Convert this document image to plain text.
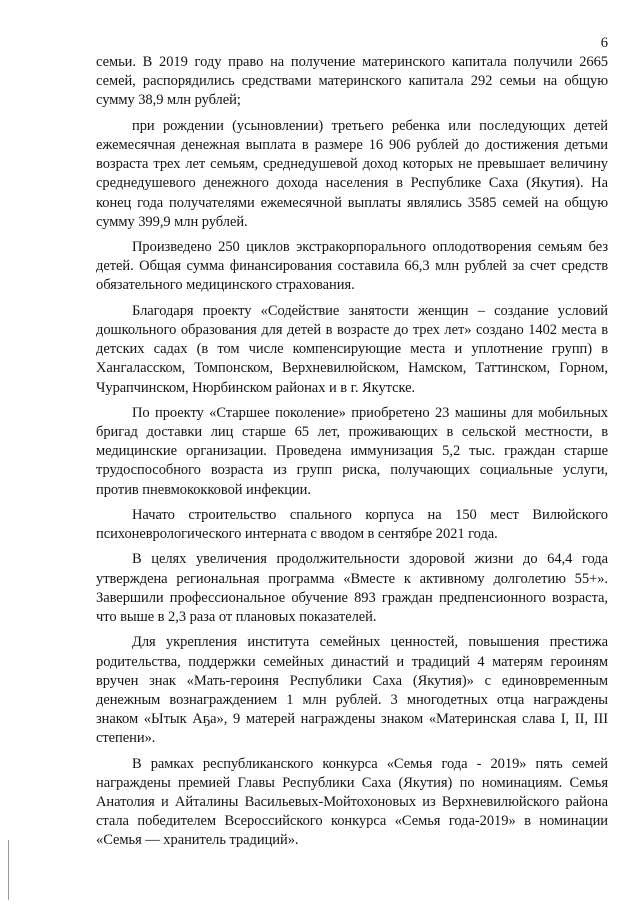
6

семьи. В 2019 году право на получение материнского капитала получили 2665 семей, распорядились средствами материнского капитала 292 семьи на общую сумму 38,9 млн рублей;

при рождении (усыновлении) третьего ребенка или последующих детей ежемесячная денежная выплата в размере 16 906 рублей до достижения детьми возраста трех лет семьям, среднедушевой доход которых не превышает величину среднедушевого денежного дохода населения в Республике Саха (Якутия). На конец года получателями ежемесячной выплаты являлись 3585 семей на общую сумму 399,9 млн рублей.

Произведено 250 циклов экстракорпорального оплодотворения семьям без детей. Общая сумма финансирования составила 66,3 млн рублей за счет средств обязательного медицинского страхования.

Благодаря проекту «Содействие занятости женщин – создание условий дошкольного образования для детей в возрасте до трех лет» создано 1402 места в детских садах (в том числе компенсирующие места и уплотнение групп) в Хангаласском, Томпонском, Верхневилюйском, Намском, Таттинском, Горном, Чурапчинском, Нюрбинском районах и в г. Якутске.

По проекту «Старшее поколение» приобретено 23 машины для мобильных бригад доставки лиц старше 65 лет, проживающих в сельской местности, в медицинские организации. Проведена иммунизация 5,2 тыс. граждан старше трудоспособного возраста из групп риска, получающих социальные услуги, против пневмококковой инфекции.

Начато строительство спального корпуса на 150 мест Вилюйского психоневрологического интерната с вводом в сентябре 2021 года.

В целях увеличения продолжительности здоровой жизни до 64,4 года утверждена региональная программа «Вместе к активному долголетию 55+». Завершили профессиональное обучение 893 граждан предпенсионного возраста, что выше в 2,3 раза от плановых показателей.

Для укрепления института семейных ценностей, повышения престижа родительства, поддержки семейных династий и традиций 4 матерям героиням вручен знак «Мать-героиня Республики Саха (Якутия)» с единовременным денежным вознаграждением 1 млн рублей. 3 многодетных отца награждены знаком «Ытык Аҕа», 9 матерей награждены знаком «Материнская слава I, II, III степени».

В рамках республиканского конкурса «Семья года - 2019» пять семей награждены премией Главы Республики Саха (Якутия) по номинациям. Семья Анатолия и Айталины Васильевых-Мойтохоновых из Верхневилюйского района стала победителем Всероссийского конкурса «Семья года-2019» в номинации «Семья — хранитель традиций».
